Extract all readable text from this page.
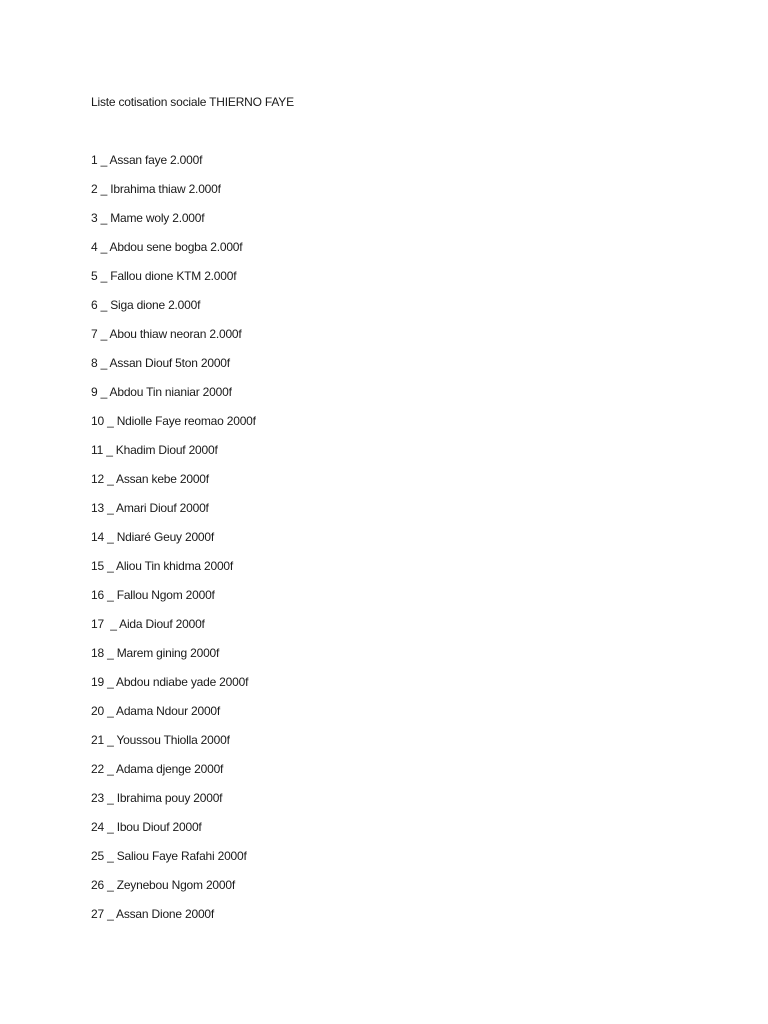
Liste cotisation sociale THIERNO FAYE
1 _ Assan faye 2.000f
2 _ Ibrahima thiaw 2.000f
3 _ Mame woly 2.000f
4 _ Abdou sene bogba 2.000f
5 _ Fallou dione KTM 2.000f
6 _ Siga dione 2.000f
7 _ Abou thiaw neoran 2.000f
8 _ Assan Diouf 5ton 2000f
9 _ Abdou Tin nianiar 2000f
10 _ Ndiolle Faye reomao 2000f
11 _ Khadim Diouf 2000f
12 _ Assan kebe 2000f
13 _ Amari Diouf 2000f
14 _ Ndiaré Geuy 2000f
15 _ Aliou Tin khidma 2000f
16 _ Fallou Ngom 2000f
17  _ Aida Diouf 2000f
18 _ Marem gining 2000f
19 _ Abdou ndiabe yade 2000f
20 _ Adama Ndour 2000f
21 _ Youssou Thiolla 2000f
22 _ Adama djenge 2000f
23 _ Ibrahima pouy 2000f
24 _ Ibou Diouf 2000f
25 _ Saliou Faye Rafahi 2000f
26 _ Zeynebou Ngom 2000f
27 _ Assan Dione 2000f
